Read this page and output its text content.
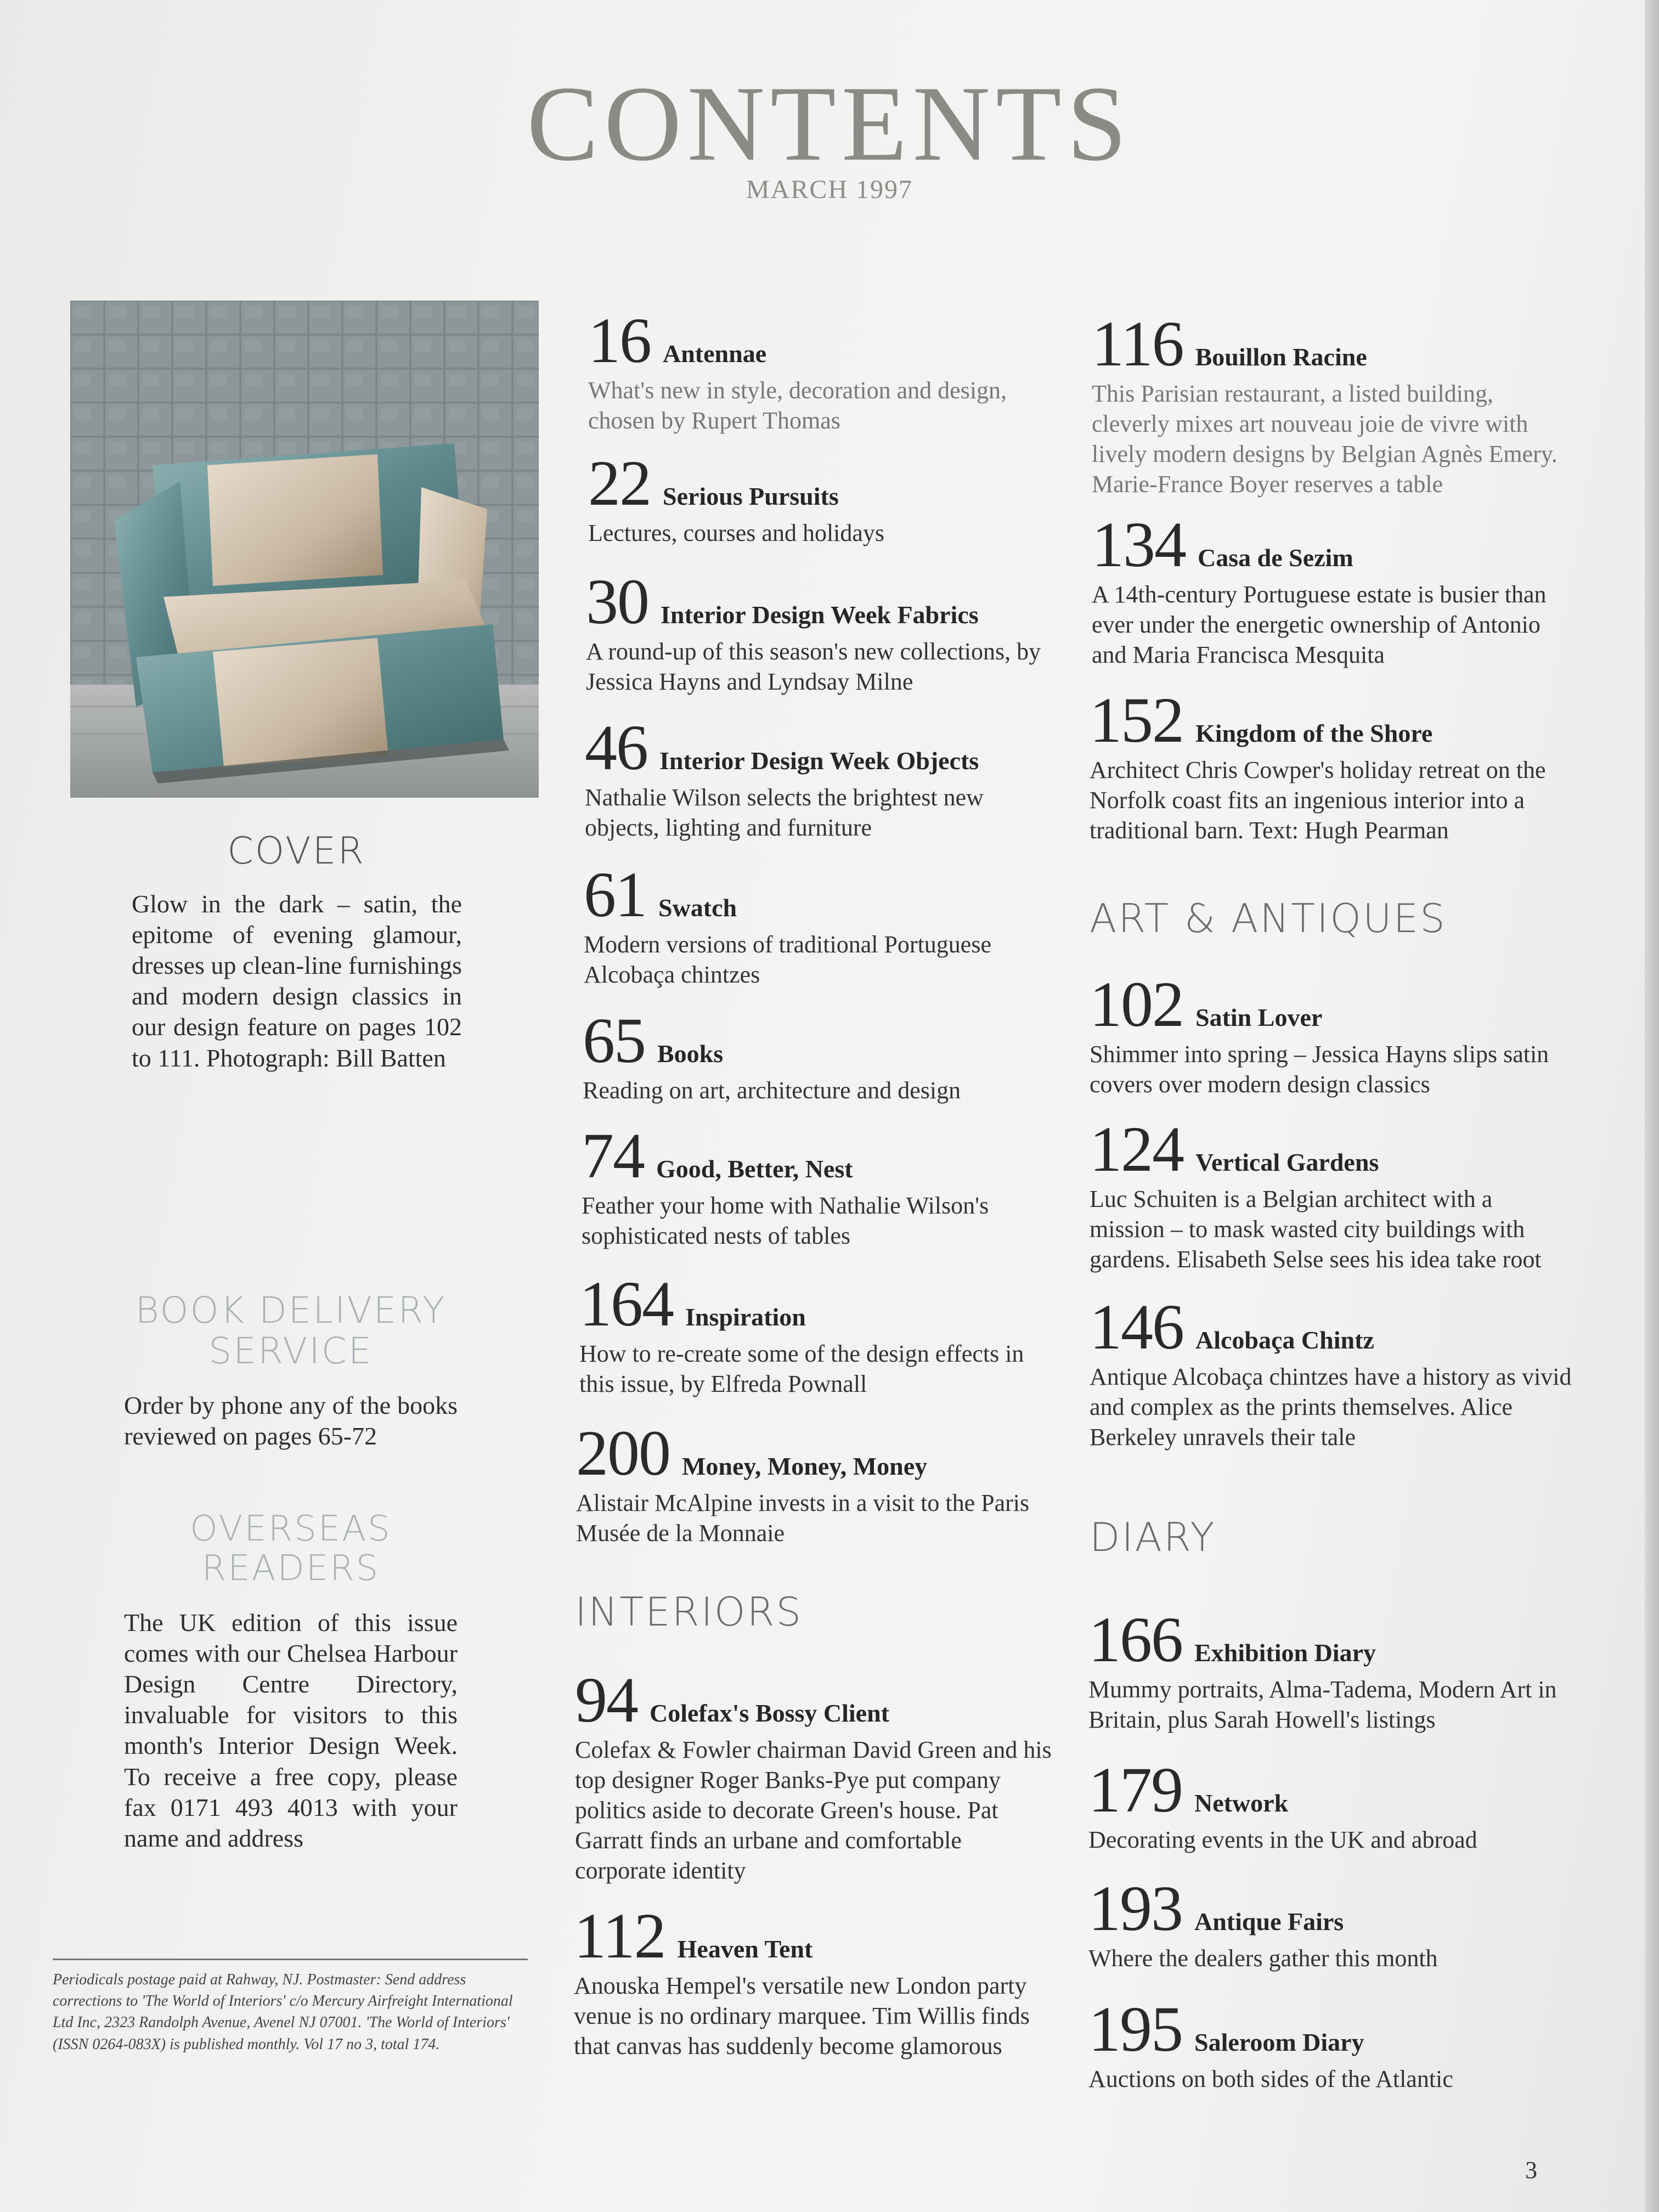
CONTENTS
MARCH 1997
COVER
Glow in the dark – satin, the epitome of evening glamour, dresses up clean-line furnishings and modern design classics in our design feature on pages 102 to 111. Photograph: Bill Batten
BOOK DELIVERY
SERVICE
Order by phone any of the books reviewed on pages 65-72
OVERSEAS
READERS
The UK edition of this issue comes with our Chelsea Harbour Design Centre Directory, invaluable for visitors to this month's Interior Design Week. To receive a free copy, please fax 0171 493 4013 with your name and address
Periodicals postage paid at Rahway, NJ. Postmaster: Send address corrections to 'The World of Interiors' c/o Mercury Airfreight International Ltd Inc, 2323 Randolph Avenue, Avenel NJ 07001. 'The World of Interiors' (ISSN 0264-083X) is published monthly. Vol 17 no 3, total 174.
16 Antennae
What's new in style, decoration and design, chosen by Rupert Thomas
22 Serious Pursuits
Lectures, courses and holidays
30 Interior Design Week Fabrics
A round-up of this season's new collections, by Jessica Hayns and Lyndsay Milne
46 Interior Design Week Objects
Nathalie Wilson selects the brightest new objects, lighting and furniture
61 Swatch
Modern versions of traditional Portuguese Alcobaça chintzes
65 Books
Reading on art, architecture and design
74 Good, Better, Nest
Feather your home with Nathalie Wilson's sophisticated nests of tables
164 Inspiration
How to re-create some of the design effects in this issue, by Elfreda Pownall
200 Money, Money, Money
Alistair McAlpine invests in a visit to the Paris Musée de la Monnaie
INTERIORS
94 Colefax's Bossy Client
Colefax & Fowler chairman David Green and his top designer Roger Banks-Pye put company politics aside to decorate Green's house. Pat Garratt finds an urbane and comfortable corporate identity
112 Heaven Tent
Anouska Hempel's versatile new London party venue is no ordinary marquee. Tim Willis finds that canvas has suddenly become glamorous
116 Bouillon Racine
This Parisian restaurant, a listed building, cleverly mixes art nouveau joie de vivre with lively modern designs by Belgian Agnès Emery. Marie-France Boyer reserves a table
134 Casa de Sezim
A 14th-century Portuguese estate is busier than ever under the energetic ownership of Antonio and Maria Francisca Mesquita
152 Kingdom of the Shore
Architect Chris Cowper's holiday retreat on the Norfolk coast fits an ingenious interior into a traditional barn. Text: Hugh Pearman
ART & ANTIQUES
102 Satin Lover
Shimmer into spring – Jessica Hayns slips satin covers over modern design classics
124 Vertical Gardens
Luc Schuiten is a Belgian architect with a mission – to mask wasted city buildings with gardens. Elisabeth Selse sees his idea take root
146 Alcobaça Chintz
Antique Alcobaça chintzes have a history as vivid and complex as the prints themselves. Alice Berkeley unravels their tale
DIARY
166 Exhibition Diary
Mummy portraits, Alma-Tadema, Modern Art in Britain, plus Sarah Howell's listings
179 Network
Decorating events in the UK and abroad
193 Antique Fairs
Where the dealers gather this month
195 Saleroom Diary
Auctions on both sides of the Atlantic
3
